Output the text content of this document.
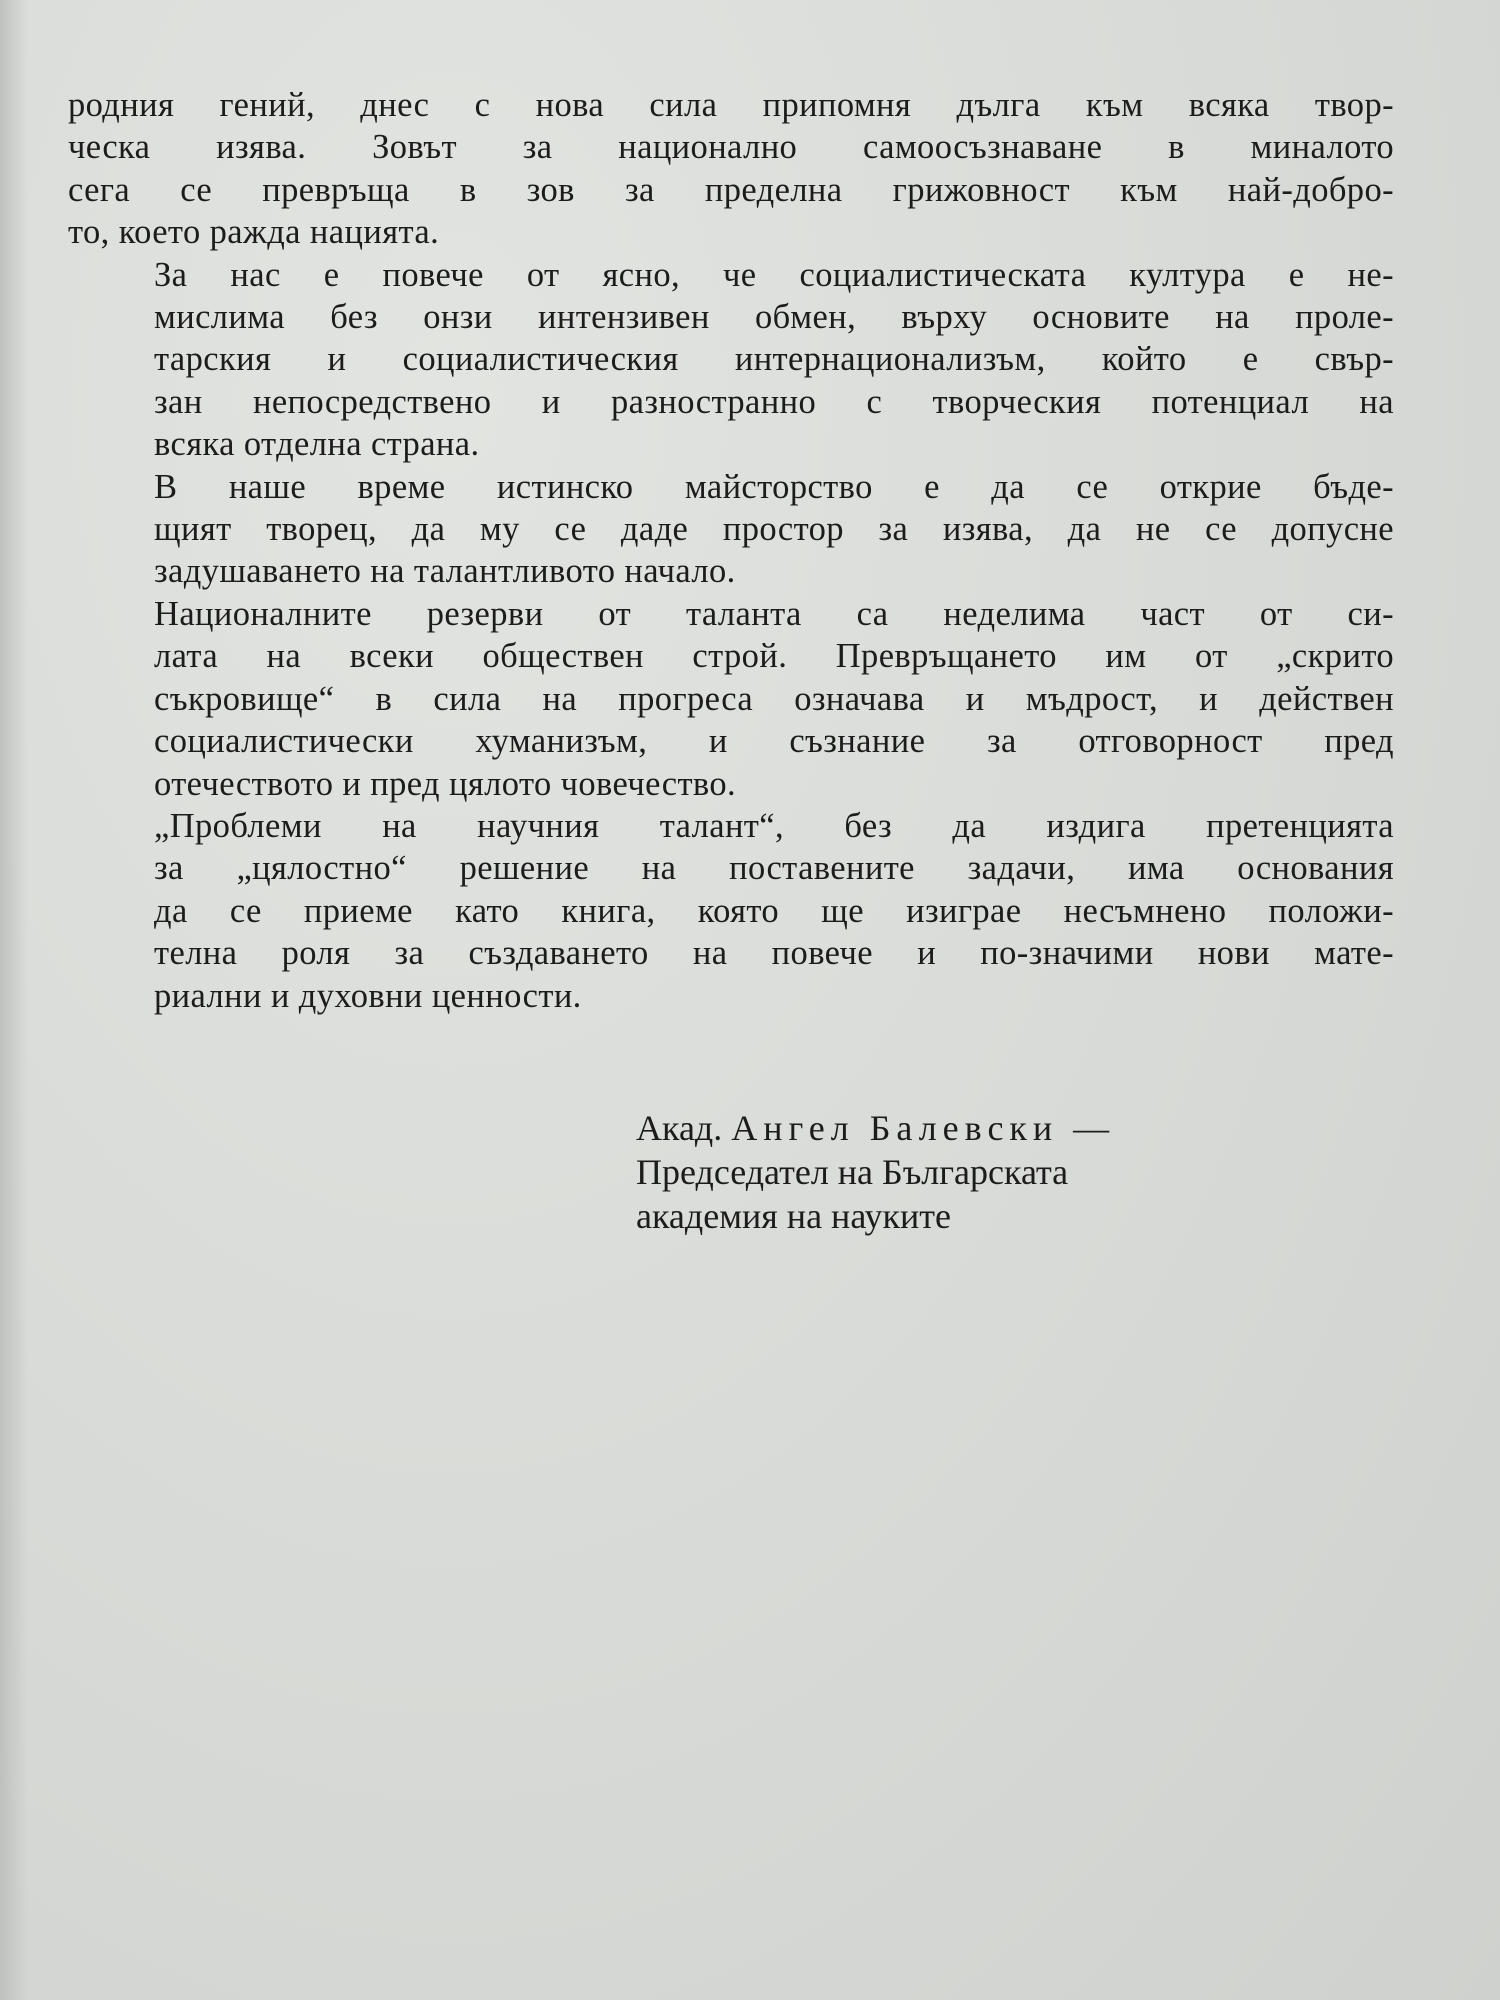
родния гений, днес с нова сила припомня дълга към всяка твор-
ческа изява. Зовът за национално самоосъзнаване в миналото
сега се превръща в зов за пределна грижовност към най-добро-
то, което ражда нацията.
За нас е повече от ясно, че социалистическата култура е не-
мислима без онзи интензивен обмен, върху основите на проле-
тарския и социалистическия интернационализъм, който е свър-
зан непосредствено и разностранно с творческия потенциал на
всяка отделна страна.
В наше време истинско майсторство е да се открие бъде-
щият творец, да му се даде простор за изява, да не се допусне
задушаването на талантливото начало.
Националните резерви от таланта са неделима част от си-
лата на всеки обществен строй. Превръщането им от „скрито
съкровище“ в сила на прогреса означава и мъдрост, и действен
социалистически хуманизъм, и съзнание за отговорност пред
отечеството и пред цялото човечество.
„Проблеми на научния талант“, без да издига претенцията
за „цялостно“ решение на поставените задачи, има основания
да се приеме като книга, която ще изиграе несъмнено положи-
телна роля за създаването на повече и по-значими нови мате-
риални и духовни ценности.
Акад. Ангел Балевски —
Председател на Българската
академия на науките
